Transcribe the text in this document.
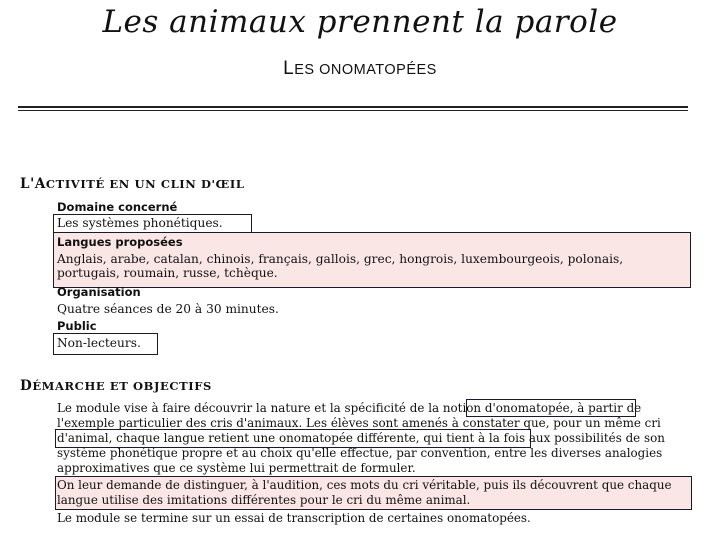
Les animaux prennent la parole
LES ONOMATOPÉES
L'ACTIVITÉ EN UN CLIN D'ŒIL
Domaine concerné
Les systèmes phonétiques.
Langues proposées
Anglais, arabe, catalan, chinois, français, gallois, grec, hongrois, luxembourgeois, polonais,
portugais, roumain, russe, tchèque.
Organisation
Quatre séances de 20 à 30 minutes.
Public
Non-lecteurs.
DÉMARCHE ET OBJECTIFS
Le module vise à faire découvrir la nature et la spécificité de la notion d'onomatopée, à partir de l'exemple particulier des cris d'animaux. Les élèves sont amenés à constater que, pour un même cri d'animal, chaque langue retient une onomatopée différente, qui tient à la fois aux possibilités de son système phonétique propre et au choix qu'elle effectue, par convention, entre les diverses analogies approximatives que ce système lui permettrait de formuler.
On leur demande de distinguer, à l'audition, ces mots du cri véritable, puis ils découvrent que chaque langue utilise des imitations différentes pour le cri du même animal.
Le module se termine sur un essai de transcription de certaines onomatopées.
